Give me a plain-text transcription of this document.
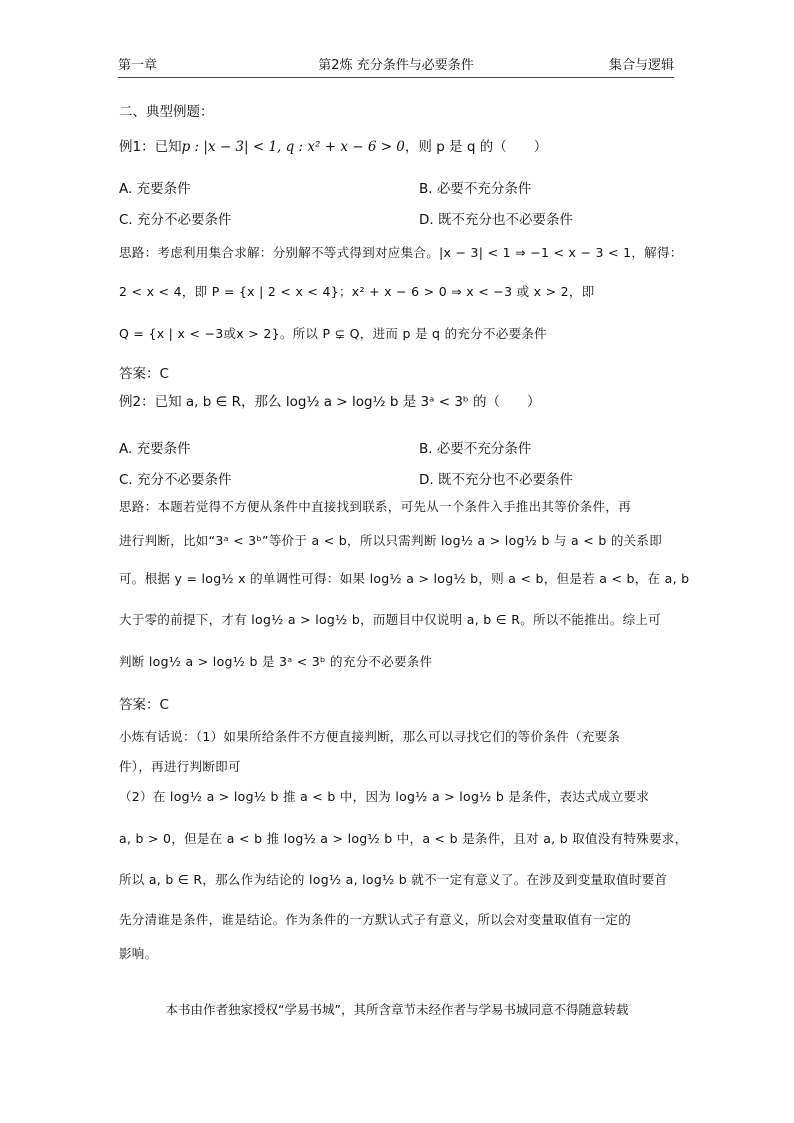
第一章	第2炼 充分条件与必要条件	集合与逻辑
二、典型例题：
例1：已知p : |x − 3| < 1, q : x² + x − 6 > 0，则 p 是 q 的（　　）
A. 充要条件	B. 必要不充分条件
C. 充分不必要条件	D. 既不充分也不必要条件
思路：考虑利用集合求解：分别解不等式得到对应集合。|x − 3| < 1 ⇒ −1 < x − 3 < 1，解得：
2 < x < 4，即 P = {x | 2 < x < 4}；x² + x − 6 > 0 ⇒ x < −3 或 x > 2，即
Q = {x | x < −3或x > 2}。所以 P ⊊ Q，进而 p 是 q 的充分不必要条件
答案：C
例2：已知 a, b ∈ R，那么 log½ a > log½ b 是 3ᵃ < 3ᵇ 的（　　）
A. 充要条件	B. 必要不充分条件
C. 充分不必要条件	D. 既不充分也不必要条件
思路：本题若觉得不方便从条件中直接找到联系，可先从一个条件入手推出其等价条件，再
进行判断，比如“3ᵃ < 3ᵇ”等价于 a < b，所以只需判断 log½ a > log½ b 与 a < b 的关系即
可。根据 y = log½ x 的单调性可得：如果 log½ a > log½ b，则 a < b，但是若 a < b，在 a, b
大于零的前提下，才有 log½ a > log½ b，而题目中仅说明 a, b ∈ R。所以不能推出。综上可
判断 log½ a > log½ b 是 3ᵃ < 3ᵇ 的充分不必要条件
答案：C
小炼有话说：（1）如果所给条件不方便直接判断，那么可以寻找它们的等价条件（充要条
件），再进行判断即可
（2）在 log½ a > log½ b 推 a < b 中，因为 log½ a > log½ b 是条件，表达式成立要求
a, b > 0，但是在 a < b 推 log½ a > log½ b 中，a < b 是条件，且对 a, b 取值没有特殊要求，
所以 a, b ∈ R，那么作为结论的 log½ a, log½ b 就不一定有意义了。在涉及到变量取值时要首
先分清谁是条件，谁是结论。作为条件的一方默认式子有意义，所以会对变量取值有一定的
影响。
本书由作者独家授权“学易书城”，其所含章节未经作者与学易书城同意不得随意转载
